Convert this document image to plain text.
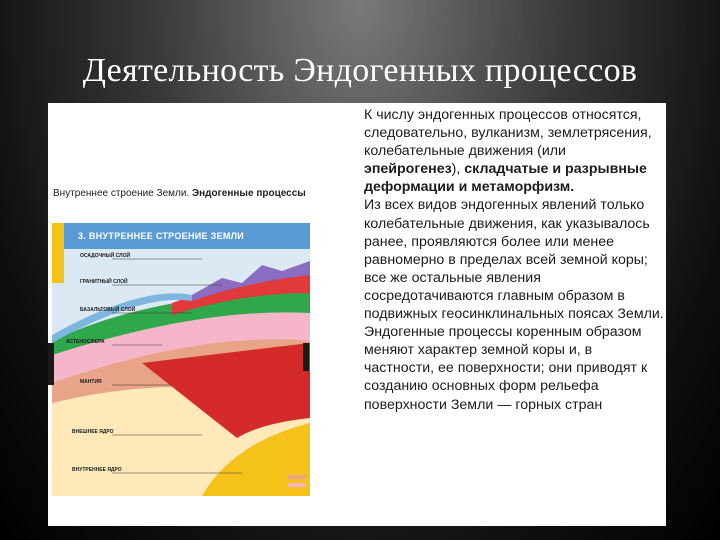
Деятельность Эндогенных процессов
Внутреннее строение Земли. Эндогенные процессы
3. ВНУТРЕННЕЕ СТРОЕНИЕ ЗЕМЛИ
ОСАДОЧНЫЙ СЛОЙ
ГРАНИТНЫЙ СЛОЙ
БАЗАЛЬТОВЫЙ СЛОЙ
АСТЕНОСФЕРА
МАНТИЯ
ВНЕШНЕЕ ЯДРО
ВНУТРЕННЕЕ ЯДРО

К числу эндогенных процессов относятся, следовательно, вулканизм, землетрясения, колебательные движения (или эпейрогенез), складчатые и разрывные деформации и метаморфизм.

Из всех видов эндогенных явлений только колебательные движения, как указывалось ранее, проявляются более или менее равномерно в пределах всей земной коры; все же остальные явления сосредотачиваются главным образом в подвижных геосинклинальных поясах Земли. Эндогенные процессы коренным образом меняют характер земной коры и, в частности, ее поверхности; они приводят к созданию основных форм рельефа поверхности Земли — горных стран
